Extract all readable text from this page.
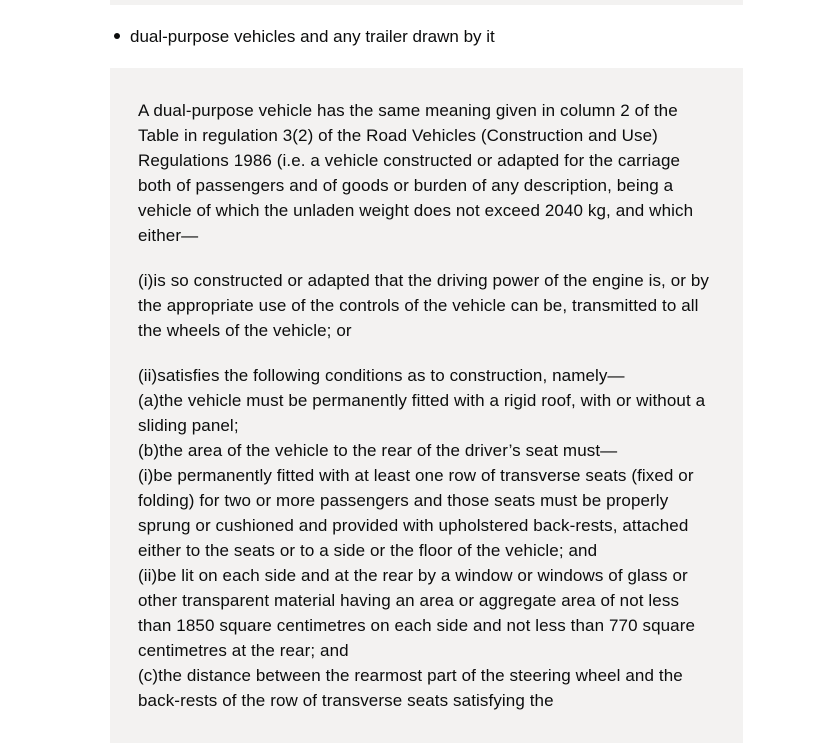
dual-purpose vehicles and any trailer drawn by it

A dual-purpose vehicle has the same meaning given in column 2 of the Table in regulation 3(2) of the Road Vehicles (Construction and Use) Regulations 1986 (i.e. a vehicle constructed or adapted for the carriage both of passengers and of goods or burden of any description, being a vehicle of which the unladen weight does not exceed 2040 kg, and which either—

(i)is so constructed or adapted that the driving power of the engine is, or by the appropriate use of the controls of the vehicle can be, transmitted to all the wheels of the vehicle; or

(ii)satisfies the following conditions as to construction, namely—
(a)the vehicle must be permanently fitted with a rigid roof, with or without a sliding panel;
(b)the area of the vehicle to the rear of the driver’s seat must—
(i)be permanently fitted with at least one row of transverse seats (fixed or folding) for two or more passengers and those seats must be properly sprung or cushioned and provided with upholstered back-rests, attached either to the seats or to a side or the floor of the vehicle; and
(ii)be lit on each side and at the rear by a window or windows of glass or other transparent material having an area or aggregate area of not less than 1850 square centimetres on each side and not less than 770 square centimetres at the rear; and
(c)the distance between the rearmost part of the steering wheel and the back-rests of the row of transverse seats satisfying the
